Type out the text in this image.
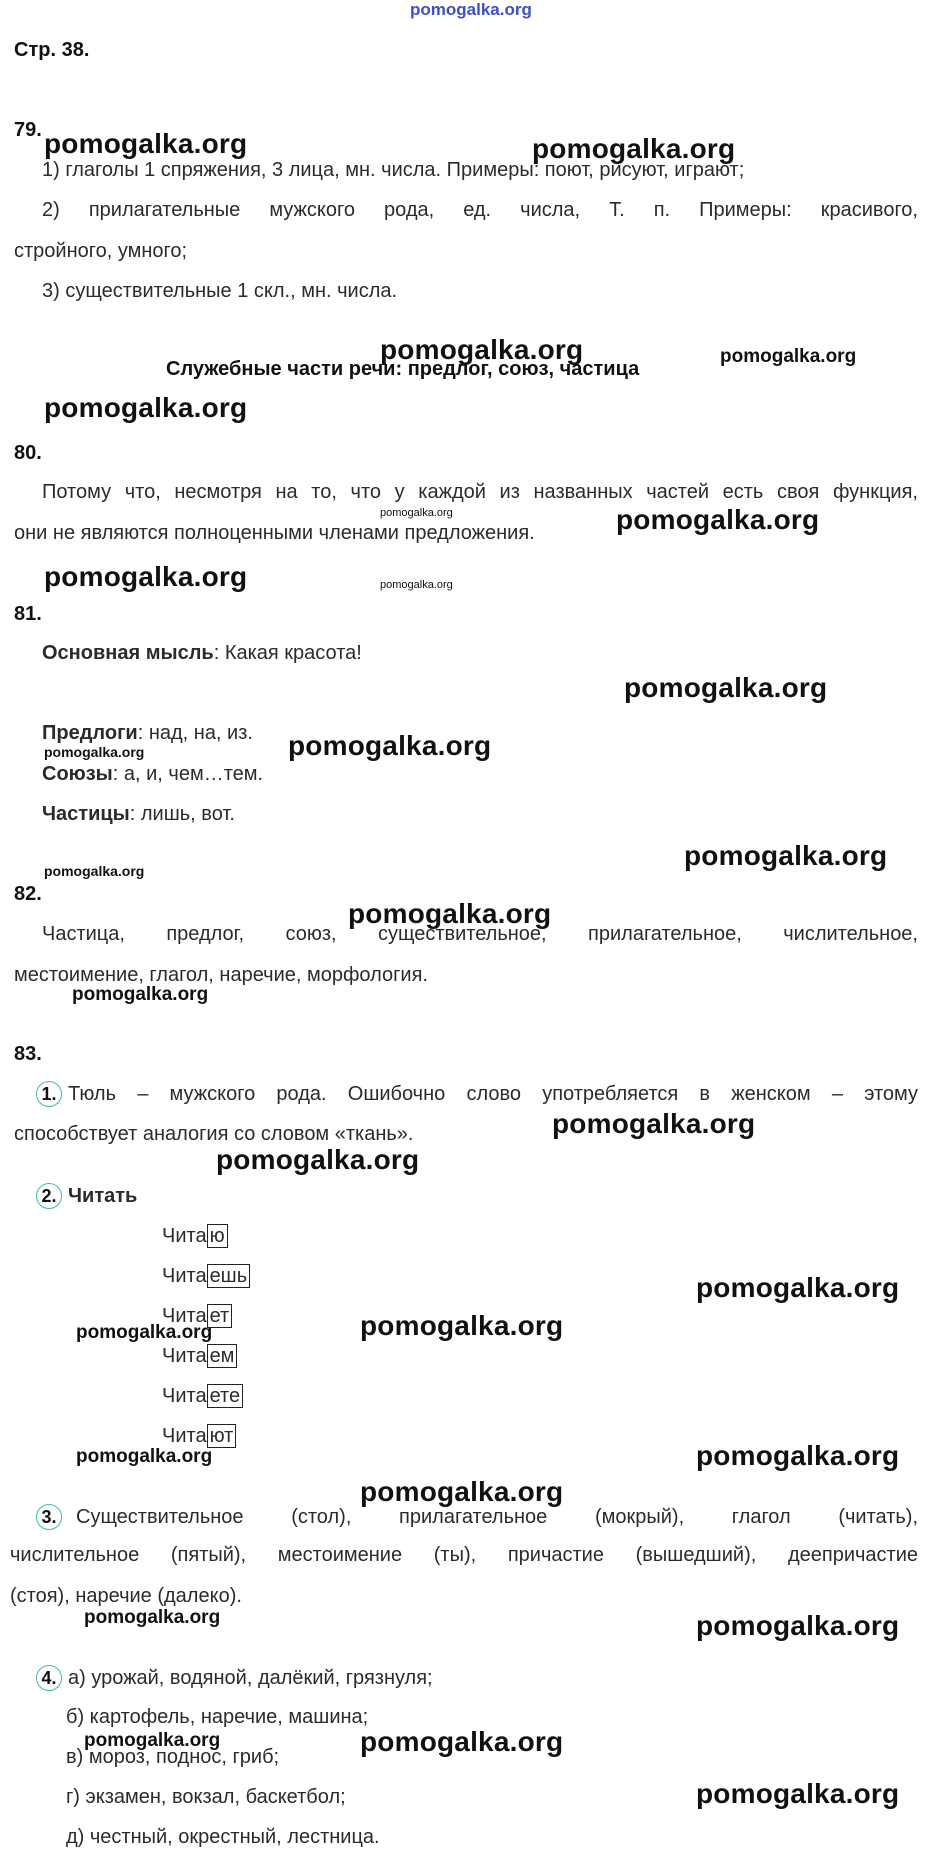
pomogalka.org
Стр. 38.
79. pomogalka.org	pomogalka.org
1) глаголы 1 спряжения, 3 лица, мн. числа. Примеры: поют, рисуют, играют;
2) прилагательные мужского рода, ед. числа, Т. п. Примеры: красивого,
стройного, умного;
3) существительные 1 скл., мн. числа.
pomogalka.org	pomogalka.org
Служебные части речи: предлог, союз, частица
pomogalka.org
80.
Потому что, несмотря на то, что у каждой из названных частей есть своя функция,
pomogalka.org
они не являются полноценными членами предложения.	pomogalka.org
pomogalka.org	pomogalka.org
81.
Основная мысль: Какая красота!
pomogalka.org
Предлоги: над, на, из. pomogalka.org
pomogalka.org
Союзы: а, и, чем…тем.
Частицы: лишь, вот.
pomogalka.org
pomogalka.org
82.
pomogalka.org
Частица, предлог, союз, существительное, прилагательное, числительное,
местоимение, глагол, наречие, морфология.
pomogalka.org
83.
1. Тюль – мужского рода. Ошибочно слово употребляется в женском – этому
pomogalka.org
способствует аналогия со словом «ткань».
pomogalka.org
2. Читать
Чита ю
Чита ешь	pomogalka.org
Чита ет	pomogalka.org
pomogalka.org
Чита ем
Чита ете
Чита ют
pomogalka.org	pomogalka.org
pomogalka.org
3. Существительное (стол), прилагательное (мокрый), глагол (читать),
числительное (пятый), местоимение (ты), причастие (вышедший), деепричастие
(стоя), наречие (далеко).
pomogalka.org	pomogalka.org
4. а) урожай, водяной, далёкий, грязнуля;
б) картофель, наречие, машина;
pomogalka.org	pomogalka.org
в) мороз, поднос, гриб;
г) экзамен, вокзал, баскетбол;	pomogalka.org
д) честный, окрестный, лестница.
